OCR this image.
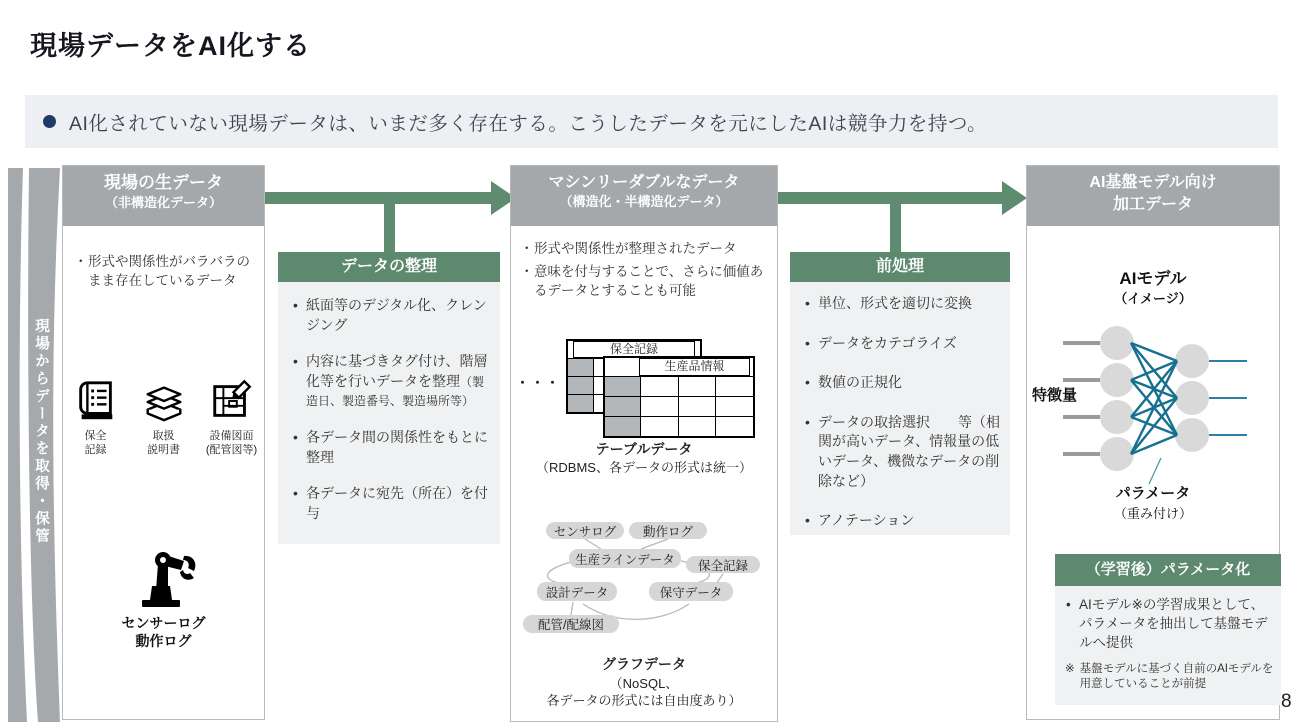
現場データをAI化する
AI化されていない現場データは、いまだ多く存在する。こうしたデータを元にしたAIは競争力を持つ。
現場からデータを取得・保管
現場の生データ
（非構造化データ）
・ 形式や関係性がバラバラのまま存在しているデータ
保全
記録
取扱
説明書
設備図面
(配管図等)
センサーログ
動作ログ
データの整理
• 紙面等のデジタル化、クレンジング
• 内容に基づきタグ付け、階層化等を行いデータを整理（製造日、製造番号、製造場所等）
• 各データ間の関係性をもとに整理
• 各データに宛先（所在）を付与
マシンリーダブルなデータ
（構造化・半構造化データ）
・ 形式や関係性が整理されたデータ
・ 意味を付与することで、さらに価値あるデータとすることも可能
・・・
保全記録
生産品情報
テーブルデータ
（RDBMS、各データの形式は統一）
センサログ	動作ログ
生産ラインデータ	保全記録
設計データ	保守データ
配管/配線図
グラフデータ
（NoSQL、
各データの形式には自由度あり）
前処理
• 単位、形式を適切に変換
• データをカテゴライズ
• 数値の正規化
• データの取捨選択　　等（相関が高いデータ、情報量の低いデータ、機微なデータの削除など）
• アノテーション
AI基盤モデル向け
加工データ
AIモデル
（イメージ）
特徴量
パラメータ
（重み付け）
（学習後）パラメータ化
• AIモデル※の学習成果として、パラメータを抽出して基盤モデルへ提供
※ 基盤モデルに基づく自前のAIモデルを用意していることが前提
8
